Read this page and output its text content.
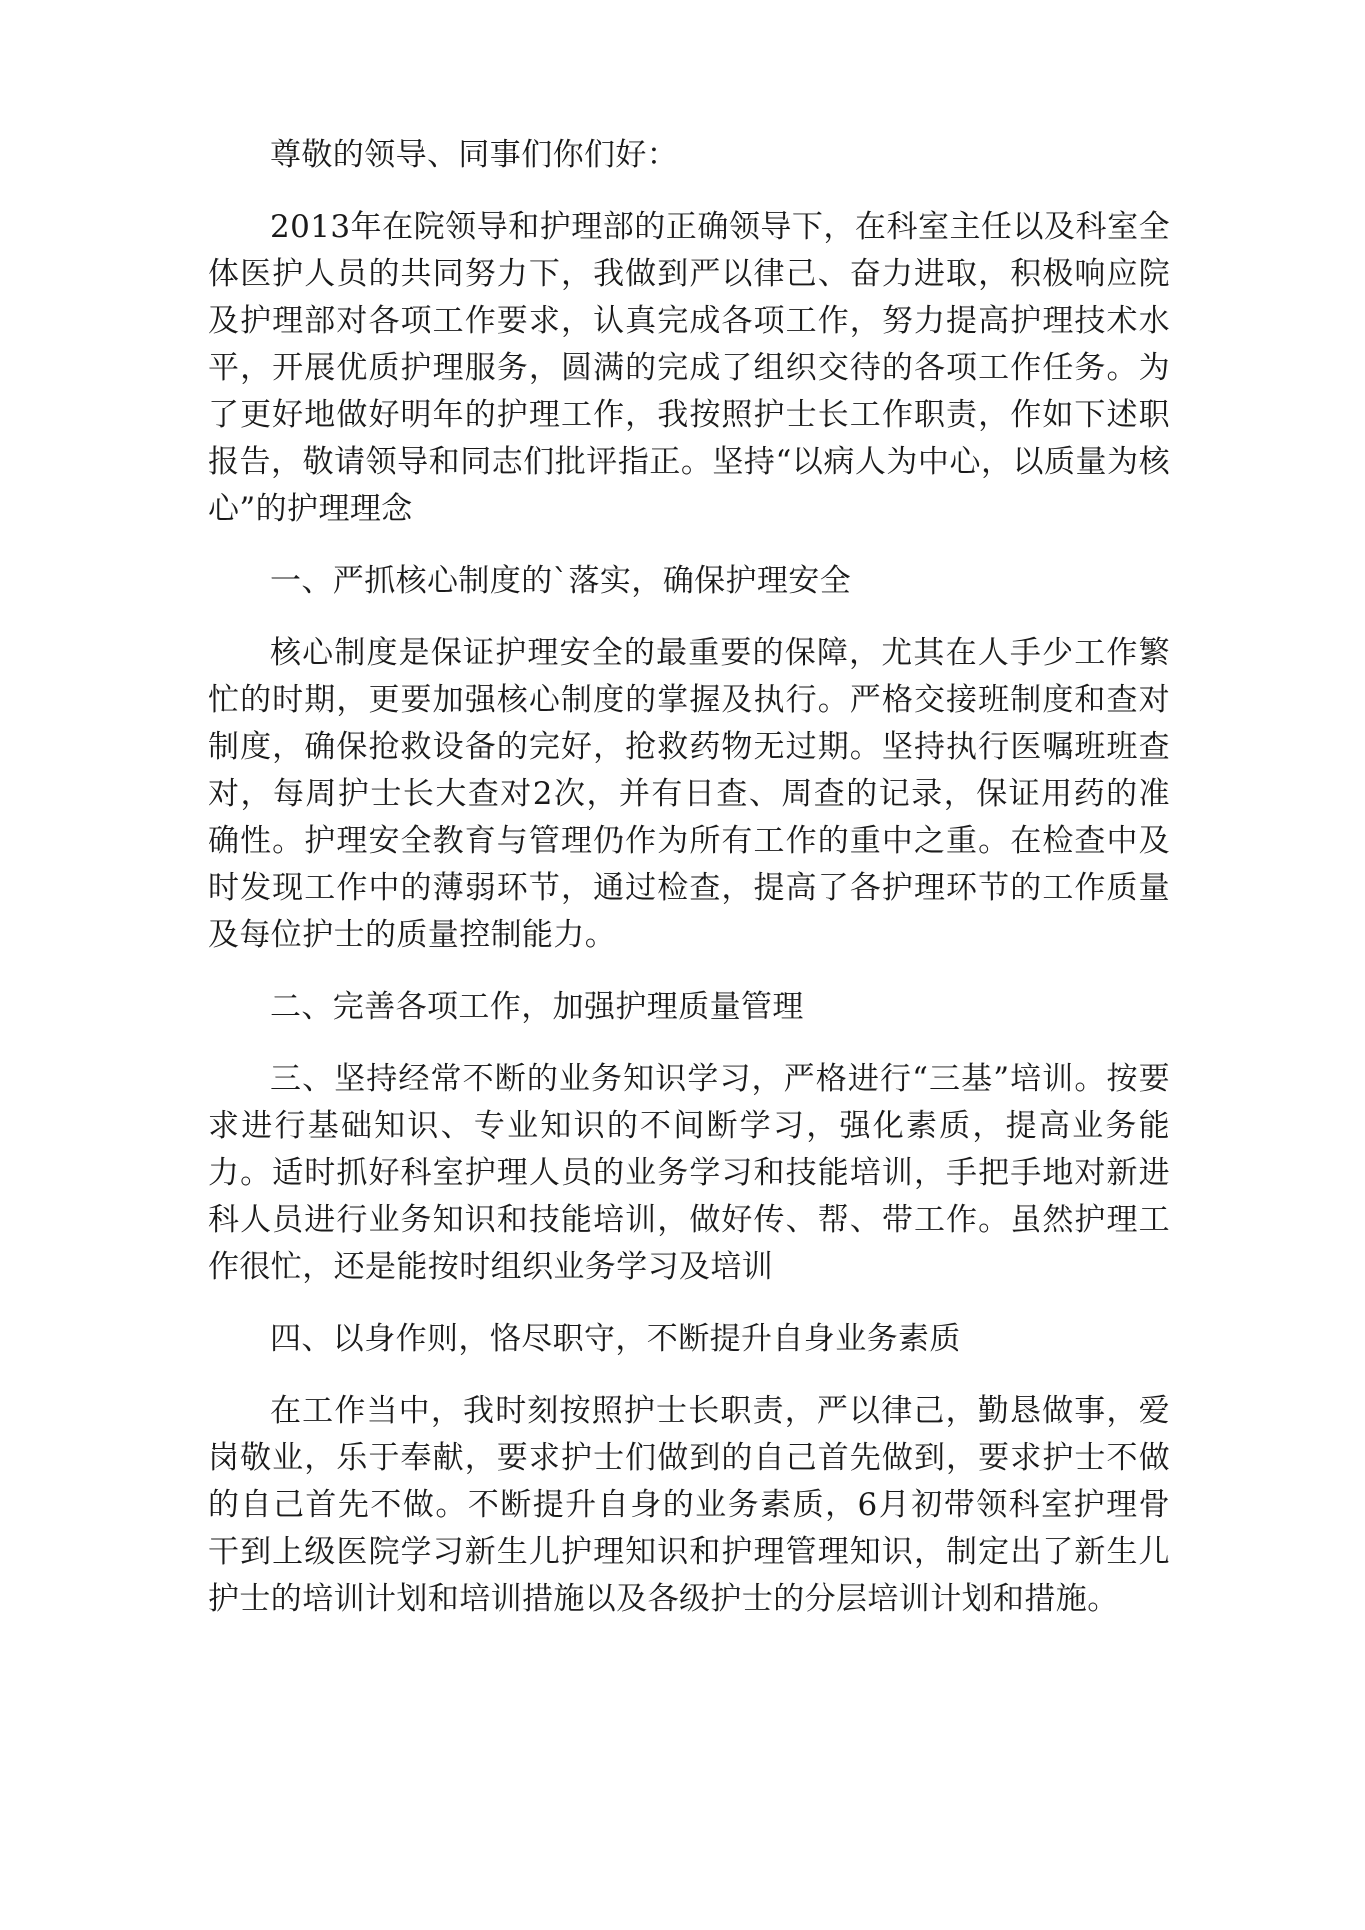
尊敬的领导、同事们你们好：

2013年在院领导和护理部的正确领导下，在科室主任以及科室全体医护人员的共同努力下，我做到严以律己、奋力进取，积极响应院及护理部对各项工作要求，认真完成各项工作，努力提高护理技术水平，开展优质护理服务，圆满的完成了组织交待的各项工作任务。为了更好地做好明年的护理工作，我按照护士长工作职责，作如下述职报告，敬请领导和同志们批评指正。坚持“以病人为中心，以质量为核心”的护理理念

一、严抓核心制度的`落实，确保护理安全

核心制度是保证护理安全的最重要的保障，尤其在人手少工作繁忙的时期，更要加强核心制度的掌握及执行。严格交接班制度和查对制度，确保抢救设备的完好，抢救药物无过期。坚持执行医嘱班班查对，每周护士长大查对2次，并有日查、周查的记录，保证用药的准确性。护理安全教育与管理仍作为所有工作的重中之重。在检查中及时发现工作中的薄弱环节，通过检查，提高了各护理环节的工作质量及每位护士的质量控制能力。

二、完善各项工作，加强护理质量管理

三、坚持经常不断的业务知识学习，严格进行“三基”培训。按要求进行基础知识、专业知识的不间断学习，强化素质，提高业务能力。适时抓好科室护理人员的业务学习和技能培训，手把手地对新进科人员进行业务知识和技能培训，做好传、帮、带工作。虽然护理工作很忙，还是能按时组织业务学习及培训

四、以身作则，恪尽职守，不断提升自身业务素质

在工作当中，我时刻按照护士长职责，严以律己，勤恳做事，爱岗敬业，乐于奉献，要求护士们做到的自己首先做到，要求护士不做的自己首先不做。不断提升自身的业务素质，6月初带领科室护理骨干到上级医院学习新生儿护理知识和护理管理知识，制定出了新生儿护士的培训计划和培训措施以及各级护士的分层培训计划和措施。
